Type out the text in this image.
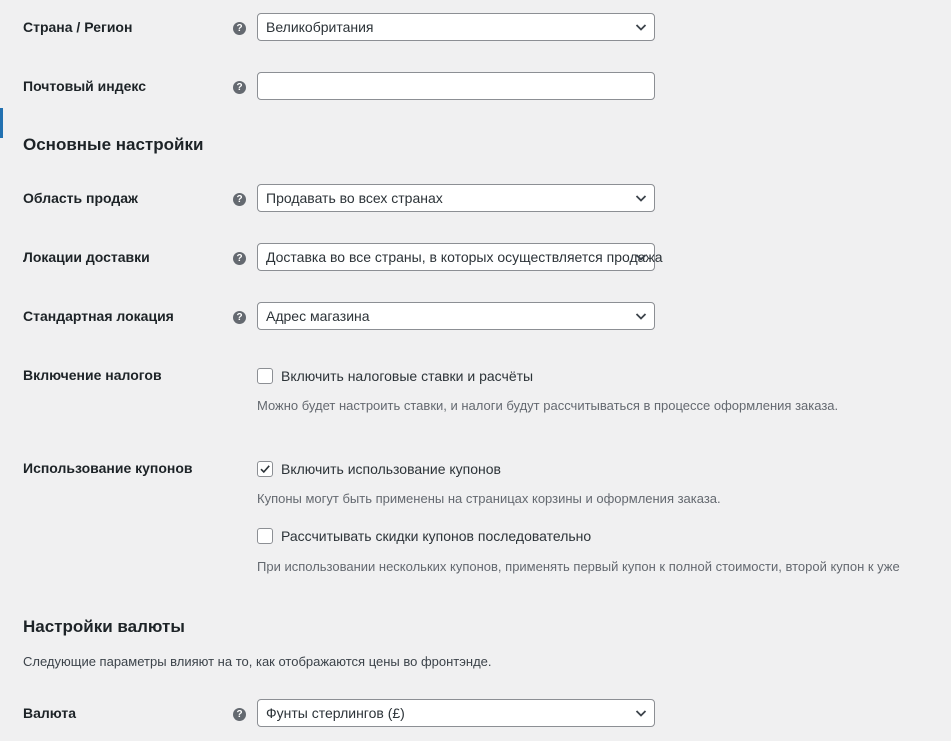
Страна / Регион	? Великобритания
Почтовый индекс	?
Основные настройки
Область продаж	? Продавать во всех странах
Локации доставки	? Доставка во все страны, в которых осуществляется продажа
Стандартная локация	? Адрес магазина
Включение налогов	Включить налоговые ставки и расчёты
Можно будет настроить ставки, и налоги будут рассчитываться в процессе оформления заказа.
Использование купонов	Включить использование купонов
Купоны могут быть применены на страницах корзины и оформления заказа.
Рассчитывать скидки купонов последовательно
При использовании нескольких купонов, применять первый купон к полной стоимости, второй купон к уже
Настройки валюты
Следующие параметры влияют на то, как отображаются цены во фронтэнде.
Валюта	? Фунты стерлингов (£)
